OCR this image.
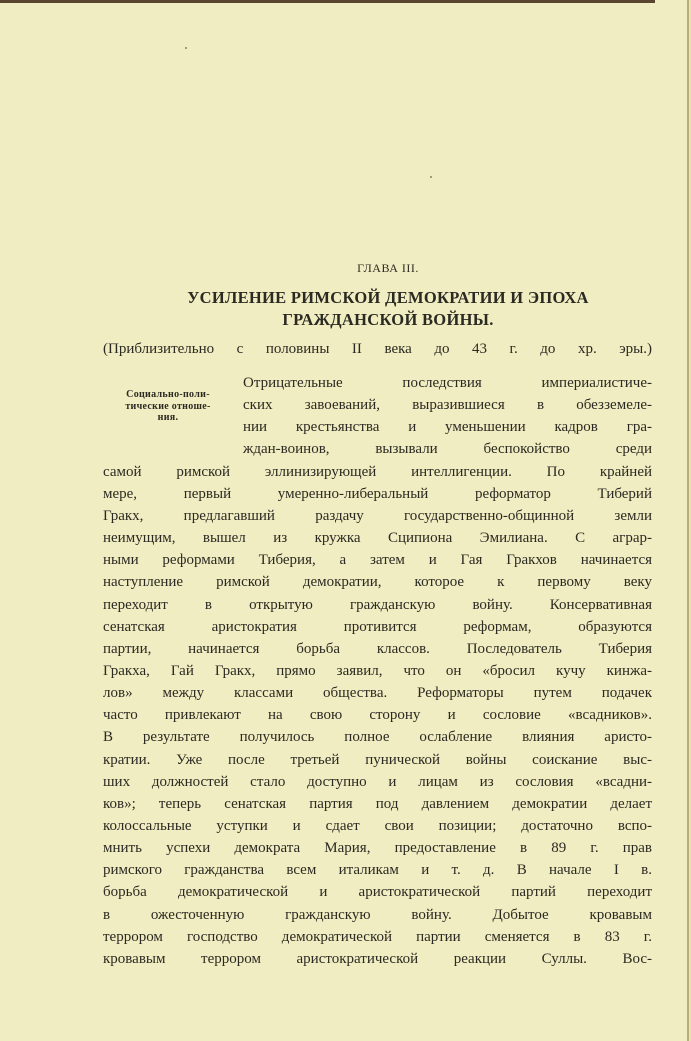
ГЛАВА III.
УСИЛЕНИЕ РИМСКОЙ ДЕМОКРАТИИ И ЭПОХА
ГРАЖДАНСКОЙ ВОЙНЫ.
(Приблизительно с половины II века до 43 г. до хр. эры.)
Социально-поли-
тические отноше-
ния.
Отрицательные последствия империалистиче-
ских завоеваний, выразившиеся в обезземеле-
нии крестьянства и уменьшении кадров гра-
ждан-воинов, вызывали беспокойство среди
самой римской эллинизирующей интеллигенции. По крайней
мере, первый умеренно-либеральный реформатор Тиберий
Гракх, предлагавший раздачу государственно-общинной земли
неимущим, вышел из кружка Сципиона Эмилиана. С аграр-
ными реформами Тиберия, а затем и Гая Гракхов начинается
наступление римской демократии, которое к первому веку
переходит в открытую гражданскую войну. Консервативная
сенатская аристократия противится реформам, образуются
партии, начинается борьба классов. Последователь Тиберия
Гракха, Гай Гракх, прямо заявил, что он «бросил кучу кинжа-
лов» между классами общества. Реформаторы путем подачек
часто привлекают на свою сторону и сословие «всадников».
В результате получилось полное ослабление влияния аристо-
кратии. Уже после третьей пунической войны соискание выс-
ших должностей стало доступно и лицам из сословия «всадни-
ков»; теперь сенатская партия под давлением демократии делает
колоссальные уступки и сдает свои позиции; достаточно вспо-
мнить успехи демократа Мария, предоставление в 89 г. прав
римского гражданства всем италикам и т. д. В начале I в.
борьба демократической и аристократической партий переходит
в ожесточенную гражданскую войну. Добытое кровавым
террором господство демократической партии сменяется в 83 г.
кровавым террором аристократической реакции Суллы. Вос-
